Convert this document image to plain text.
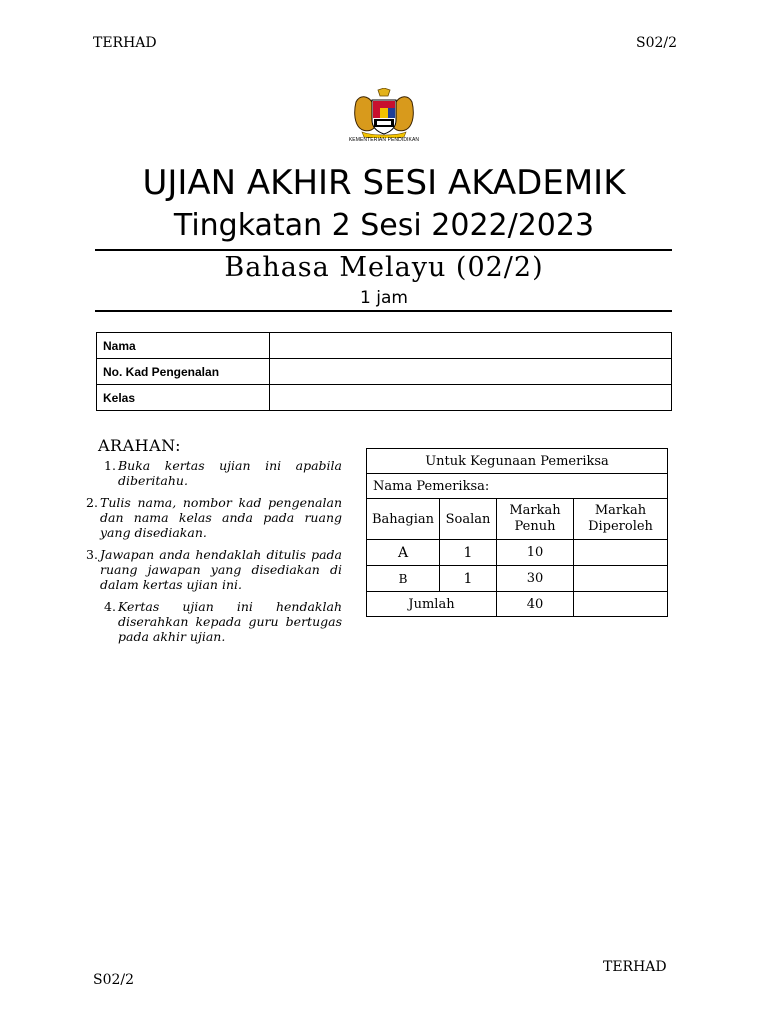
TERHAD	S02/2
KEMENTERIAN PENDIDIKAN
UJIAN AKHIR SESI AKADEMIK
Tingkatan 2 Sesi 2022/2023
Bahasa Melayu (02/2)
1 jam
Nama	
No. Kad Pengenalan	
Kelas	
ARAHAN:
1. Buka kertas ujian ini apabila diberitahu.
2. Tulis nama, nombor kad pengenalan dan nama kelas anda pada ruang yang disediakan.
3. Jawapan anda hendaklah ditulis pada ruang jawapan yang disediakan di dalam kertas ujian ini.
4. Kertas ujian ini hendaklah diserahkan kepada guru bertugas pada akhir ujian.
Untuk Kegunaan Pemeriksa			
Nama Pemeriksa:			
Bahagian	Soalan	Markah Penuh	Markah Diperoleh
A	1	10	
B	1	30	
Jumlah		40	
S02/2
TERHAD
